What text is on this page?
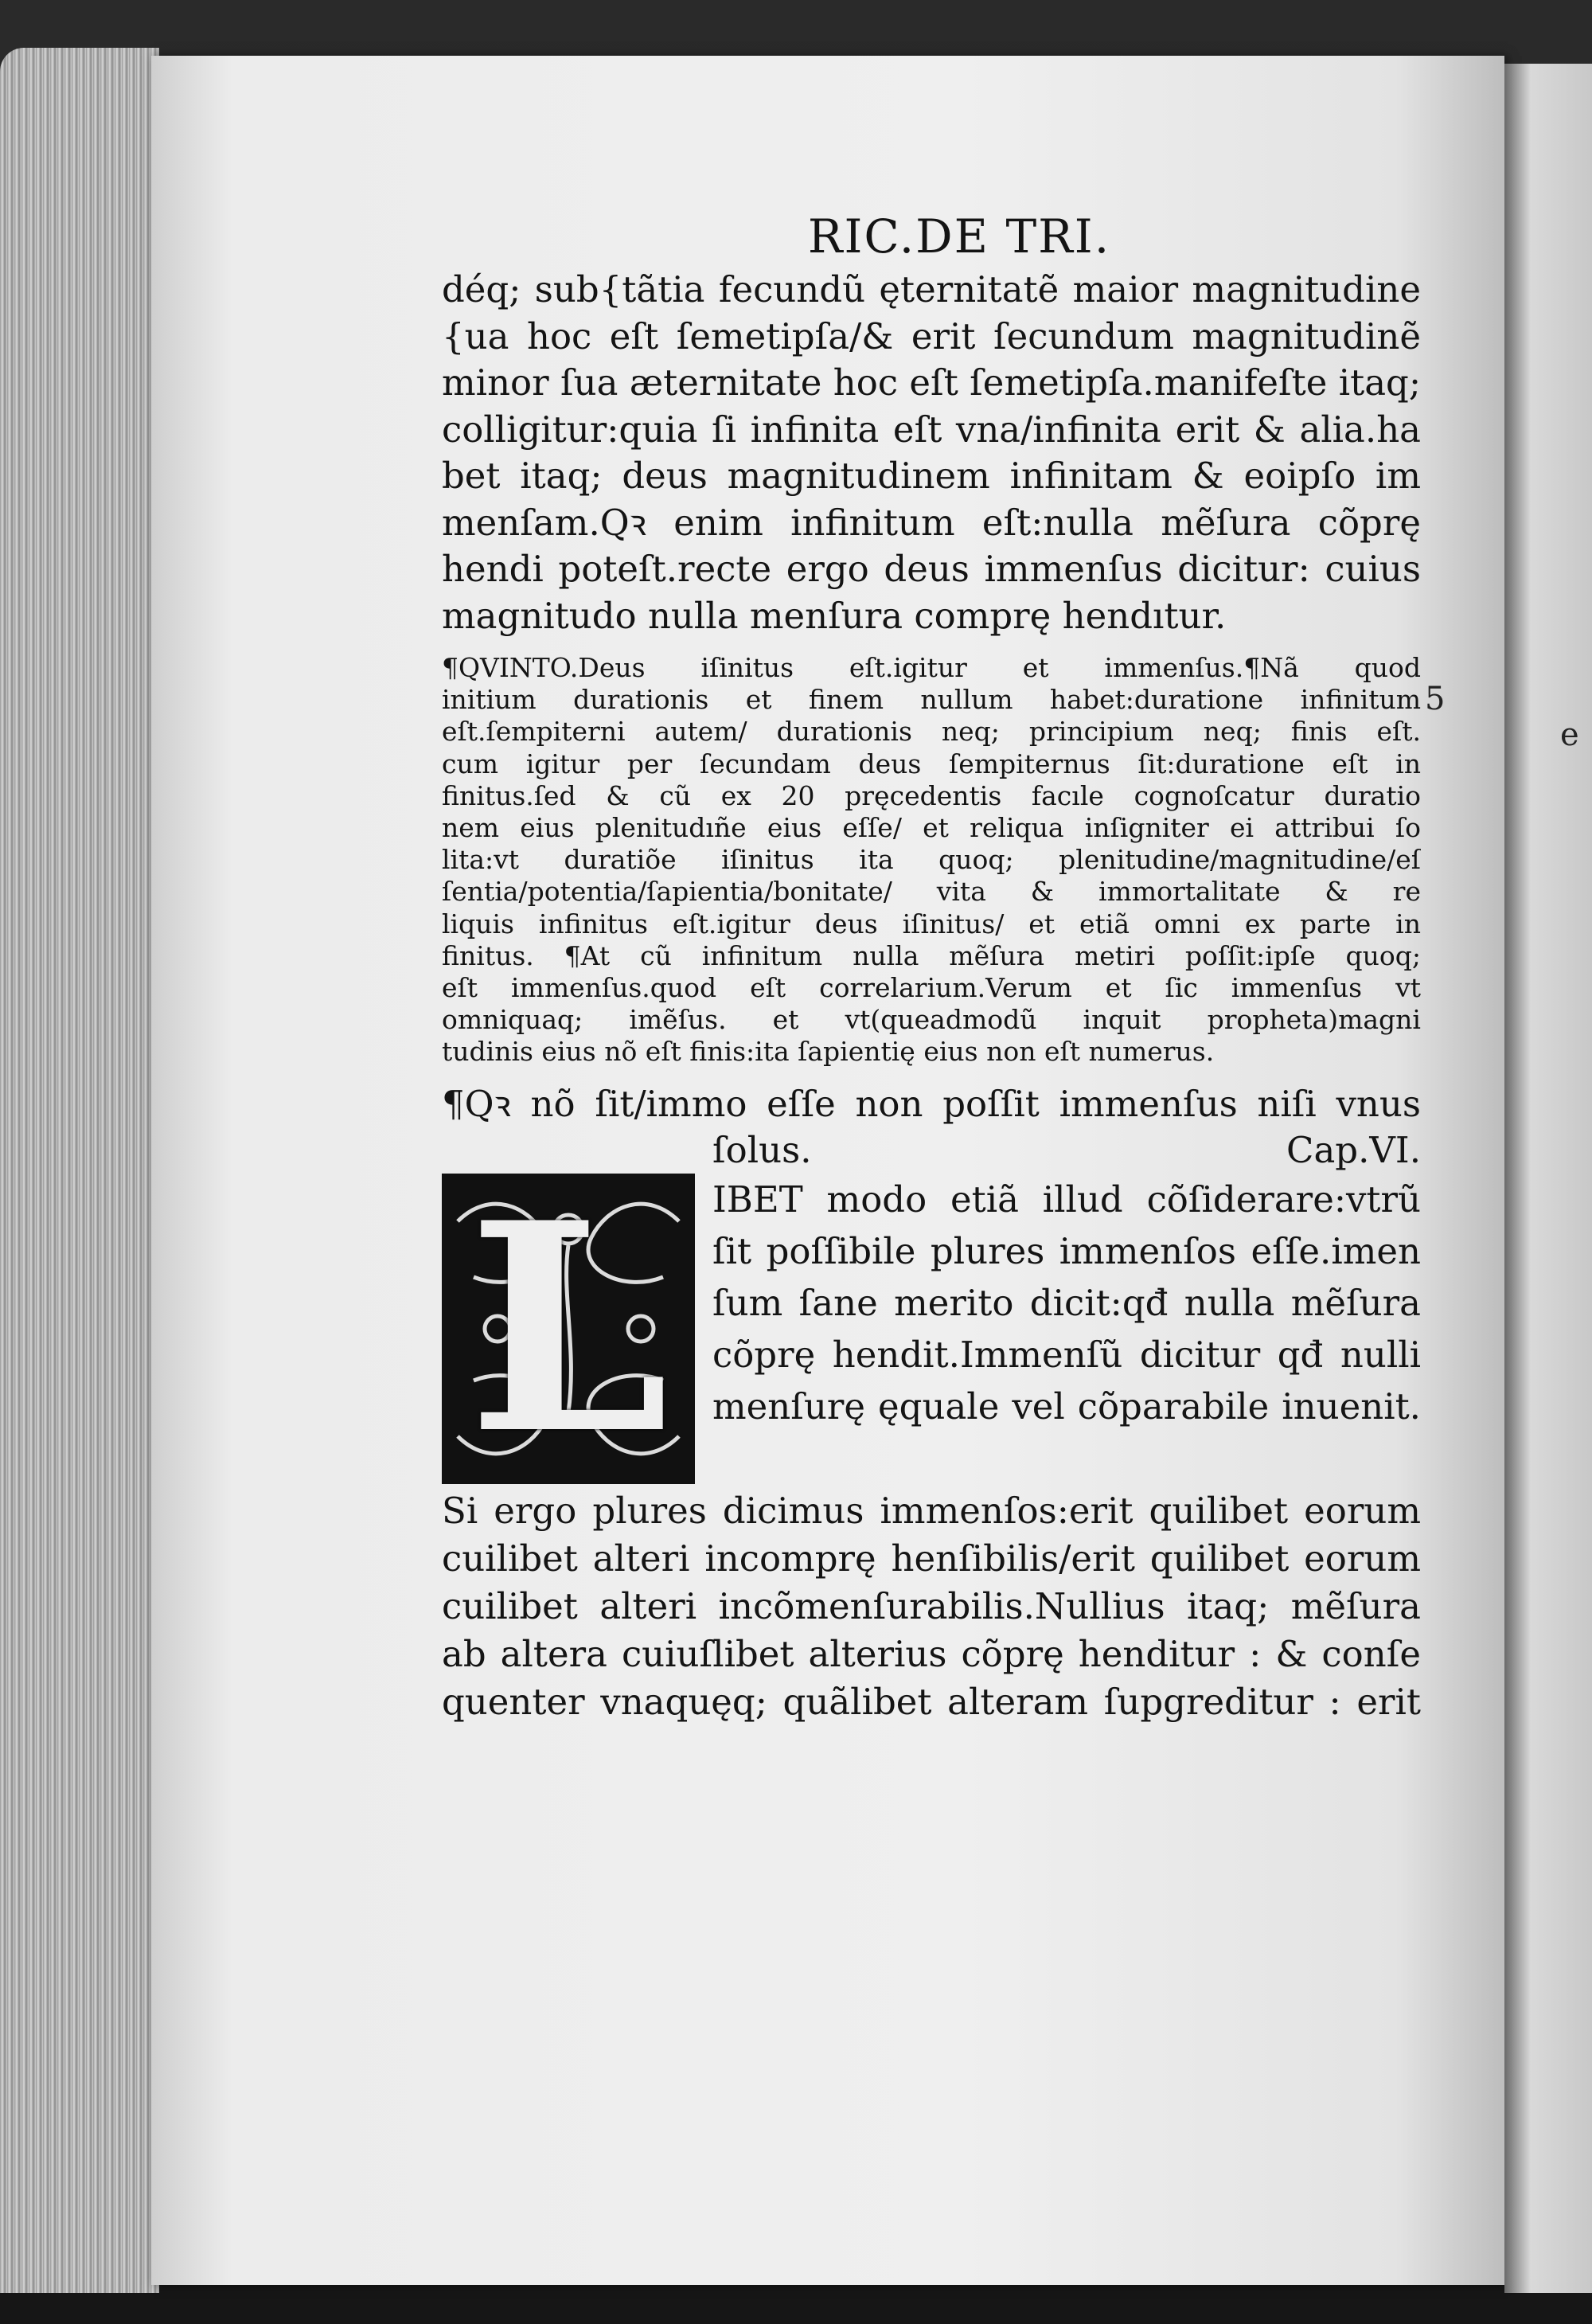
e
5
RIC.DE TRI.
déq; sub{tãtia fecundũ ęternitatẽ maior magnitudine
{ua hoc eſt ſemetipſa/& erit ſecundum magnitudinẽ
minor ſua æternitate hoc eſt ſemetipſa.manifeſte itaq;
colligitur:quia ſi infinita eſt vna/infinita erit & alia.ha
bet itaq; deus magnitudinem infinitam & eoipſo im
menſam.Qꝛ enim infinitum eſt:nulla mẽſura cõprę
hendi poteſt.recte ergo deus immenſus dicitur: cuius
magnitudo nulla menſura comprę hendıtur.
¶QVINTO.Deus iſinitus eſt.igitur et immenſus.¶Nã quod
initium durationis et finem nullum habet:duratione infinitum
eſt.ſempiterni autem/ durationis neq; principium neq; finis eſt.
cum igitur per ſecundam deus ſempiternus ſit:duratione eſt in
finitus.ſed & cũ ex 20 pręcedentis facıle cognoſcatur duratio
nem eius plenitudıñe eius eſſe/ et reliqua inſigniter ei attribui ſo
lita:vt duratiõe iſinitus ita quoq; plenitudine/magnitudine/eſ
ſentia/potentia/ſapientia/bonitate/ vita & immortalitate & re
liquis infinitus eſt.igitur deus iſinitus/ et etiã omni ex parte in
finitus. ¶At cũ infinitum nulla mẽſura metiri poſſit:ipſe quoq;
eſt immenſus.quod eſt correlarium.Verum et ſic immenſus vt
omniquaq; imẽſus. et vt(queadmodũ inquit propheta)magni
tudinis eius nõ eſt finis:ita ſapientię eius non eſt numerus.
¶Qꝛ nõ ſit/immo eſſe non poſſit immenſus niſi vnus
ſolus.	Cap.VI.
L IBET modo etiã illud cõſiderare:vtrũ
ſit poſſibile plures immenſos eſſe.imen
ſum ſane merito dicit:qđ nulla mẽſura
cõprę hendit.Immenſũ dicitur qđ nulli
menſurę ęquale vel cõparabile inuenit.
Si ergo plures dicimus immenſos:erit quilibet eorum
cuilibet alteri incomprę henſibilis/erit quilibet eorum
cuilibet alteri incõmenſurabilis.Nullius itaq; mẽſura
ab altera cuiuſlibet alterius cõprę henditur : & conſe
quenter vnaquęq; quãlibet alteram ſupgreditur : erit
